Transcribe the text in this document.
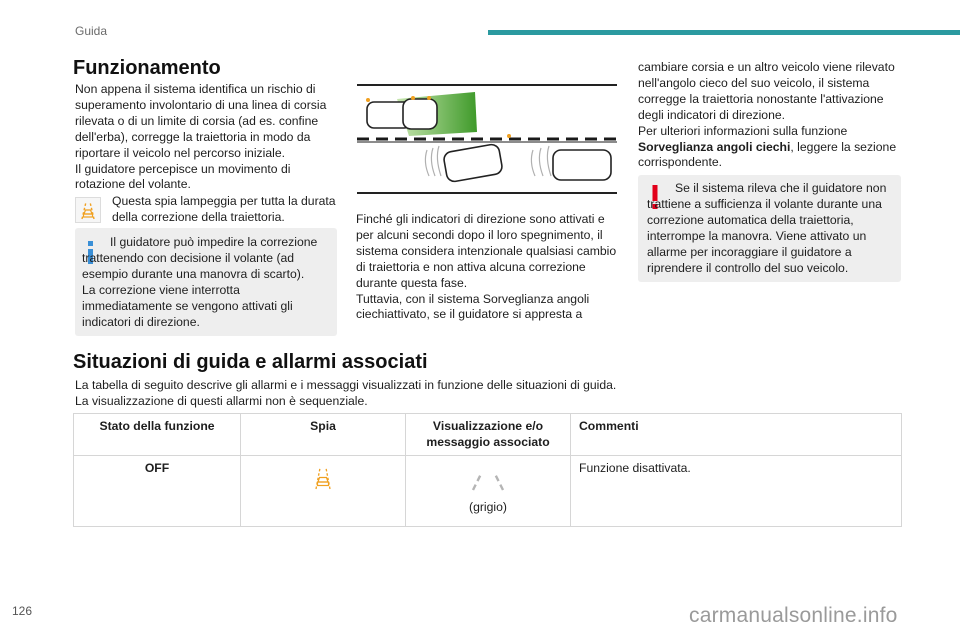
Guida
Funzionamento
Non appena il sistema identifica un rischio di superamento involontario di una linea di corsia rilevata o di un limite di corsia (ad es. confine dell'erba), corregge la traiettoria in modo da riportare il veicolo nel percorso iniziale.
Il guidatore percepisce un movimento di rotazione del volante.
Questa spia lampeggia per tutta la durata della correzione della traiettoria.
Il guidatore può impedire la correzione trattenendo con decisione il volante (ad esempio durante una manovra di scarto).
La correzione viene interrotta immediatamente se vengono attivati gli indicatori di direzione.
Finché gli indicatori di direzione sono attivati e per alcuni secondi dopo il loro spegnimento, il sistema considera intenzionale qualsiasi cambio di traiettoria e non attiva alcuna correzione durante questa fase.
Tuttavia, con il sistema Sorveglianza angoli ciechiattivato, se il guidatore si appresta a
cambiare corsia e un altro veicolo viene rilevato nell'angolo cieco del suo veicolo, il sistema corregge la traiettoria nonostante l'attivazione degli indicatori di direzione.
Per ulteriori informazioni sulla funzione Sorveglianza angoli ciechi, leggere la sezione corrispondente.
Se il sistema rileva che il guidatore non trattiene a sufficienza il volante durante una correzione automatica della traiettoria, interrompe la manovra. Viene attivato un allarme per incoraggiare il guidatore a riprendere il controllo del suo veicolo.
Situazioni di guida e allarmi associati
La tabella di seguito descrive gli allarmi e i messaggi visualizzati in funzione delle situazioni di guida.
La visualizzazione di questi allarmi non è sequenziale.
Stato della funzione	Spia	Visualizzazione e/o messaggio associato	Commenti
OFF		(grigio)	Funzione disattivata.
126	carmanualsonline.info
